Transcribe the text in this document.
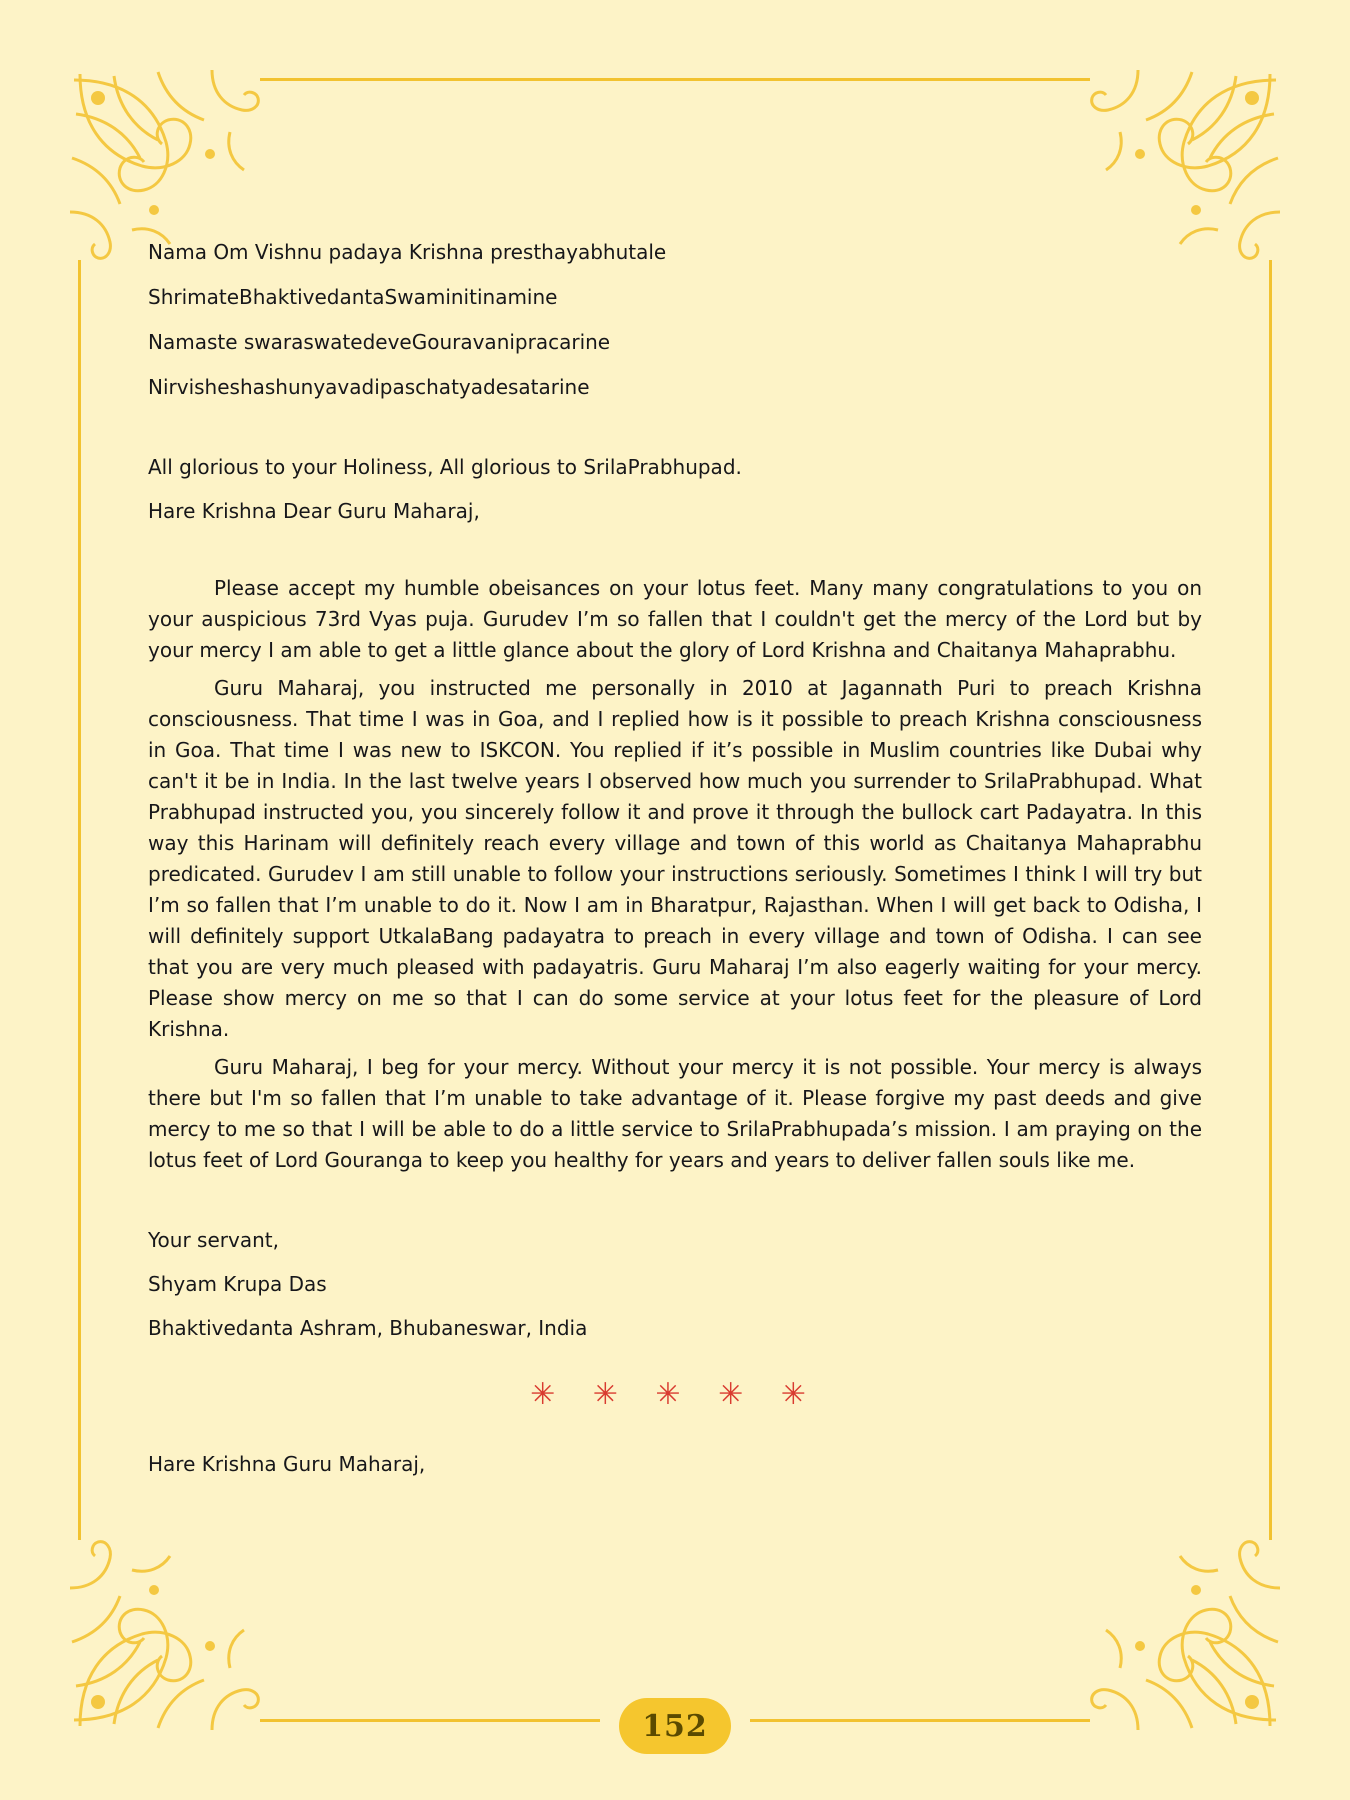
Nama Om Vishnu padaya Krishna presthayabhutale

ShrimateBhaktivedantaSwaminitinamine

Namaste swaraswatedeveGouravanipracarine

Nirvisheshashunyavadipaschatyadesatarine

All glorious to your Holiness, All glorious to SrilaPrabhupad.

Hare Krishna Dear Guru Maharaj,

Please accept my humble obeisances on your lotus feet. Many many congratulations to you on your auspicious 73rd Vyas puja. Gurudev I’m so fallen that I couldn't get the mercy of the Lord but by your mercy I am able to get a little glance about the glory of Lord Krishna and Chaitanya Mahaprabhu.

Guru Maharaj, you instructed me personally in 2010 at Jagannath Puri to preach Krishna consciousness. That time I was in Goa, and I replied how is it possible to preach Krishna consciousness in Goa. That time I was new to ISKCON. You replied if it’s possible in Muslim countries like Dubai why can't it be in India. In the last twelve years I observed how much you surrender to SrilaPrabhupad. What Prabhupad instructed you, you sincerely follow it and prove it through the bullock cart Padayatra. In this way this Harinam will definitely reach every village and town of this world as Chaitanya Mahaprabhu predicated. Gurudev I am still unable to follow your instructions seriously. Sometimes I think I will try but I’m so fallen that I’m unable to do it. Now I am in Bharatpur, Rajasthan. When I will get back to Odisha, I will definitely support UtkalaBang padayatra to preach in every village and town of Odisha. I can see that you are very much pleased with padayatris. Guru Maharaj I’m also eagerly waiting for your mercy. Please show mercy on me so that I can do some service at your lotus feet for the pleasure of Lord Krishna.

Guru Maharaj, I beg for your mercy. Without your mercy it is not possible. Your mercy is always there but I'm so fallen that I’m unable to take advantage of it. Please forgive my past deeds and give mercy to me so that I will be able to do a little service to SrilaPrabhupada’s mission. I am praying on the lotus feet of Lord Gouranga to keep you healthy for years and years to deliver fallen souls like me.

Your servant,

Shyam Krupa Das

Bhaktivedanta Ashram, Bhubaneswar, India

✳ ✳ ✳ ✳ ✳

Hare Krishna Guru Maharaj,

152
